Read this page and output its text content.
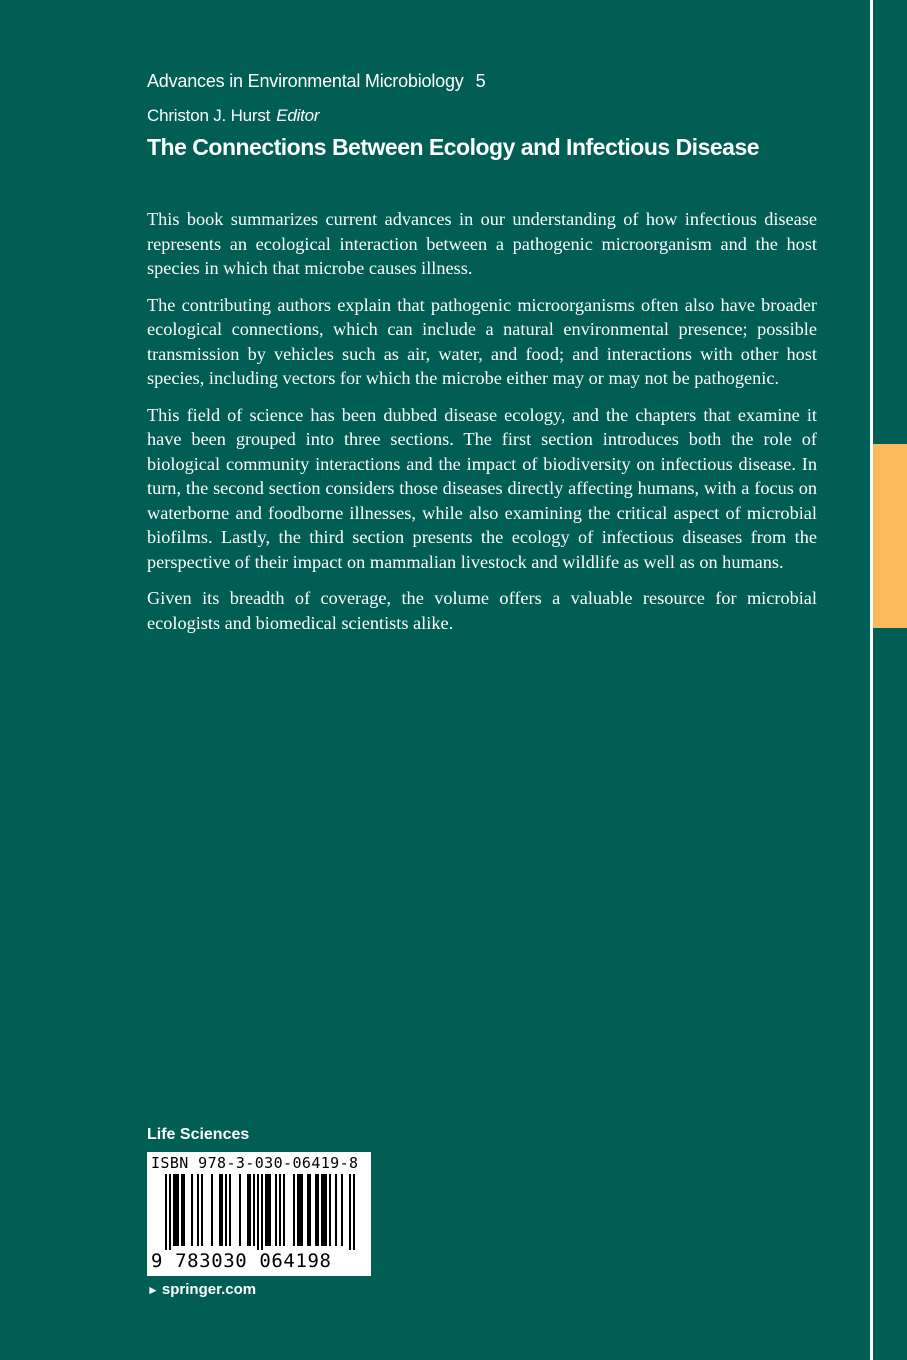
Advances in Environmental Microbiology 5
Christon J. Hurst Editor
The Connections Between Ecology and Infectious Disease

This book summarizes current advances in our understanding of how infectious disease represents an ecological interaction between a pathogenic microorganism and the host species in which that microbe causes illness.

The contributing authors explain that pathogenic microorganisms often also have broader ecological connections, which can include a natural environmental presence; possible transmission by vehicles such as air, water, and food; and interactions with other host species, including vectors for which the microbe either may or may not be pathogenic.

This field of science has been dubbed disease ecology, and the chapters that examine it have been grouped into three sections. The first section introduces both the role of biological community interactions and the impact of biodiversity on infectious disease. In turn, the second section considers those diseases directly affecting humans, with a focus on waterborne and foodborne illnesses, while also examining the critical aspect of microbial biofilms. Lastly, the third section presents the ecology of infectious diseases from the perspective of their impact on mammalian livestock and wildlife as well as on humans.

Given its breadth of coverage, the volume offers a valuable resource for microbial ecologists and biomedical scientists alike.

Life Sciences
ISBN 978-3-030-06419-8
9 783030 064198
► springer.com
